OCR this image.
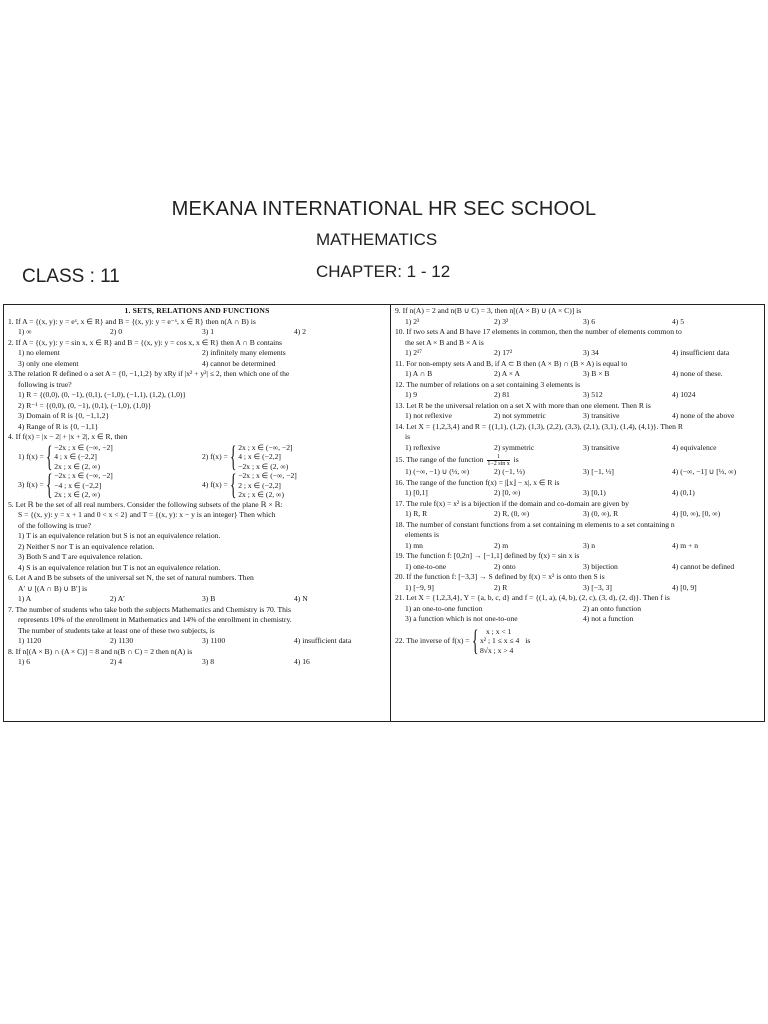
MEKANA INTERNATIONAL HR SEC SCHOOL
MATHEMATICS
CHAPTER: 1 - 12
CLASS : 11
1. SETS, RELATIONS AND FUNCTIONS
1. If A = {(x, y): y = eˣ, x ∈ R} and B = {(x, y): y = e⁻ˣ, x ∈ R} then n(A ∩ B) is
1) ∞	2) 0	3) 1	4) 2
2. If A = {(x, y): y = sin x, x ∈ R} and B = {(x, y): y = cos x, x ∈ R} then A ∩ B contains
1) no element	2) infinitely many elements
3) only one element	4) cannot be determined
3.The relation R defined o a set A = {0, −1,1,2} by xRy if |x² + y²| ≤ 2, then which one of the
following is true?
1) R = {(0,0), (0, −1), (0,1), (−1,0), (−1,1), (1,2), (1,0)}
2) R⁻¹ = {(0,0), (0, −1), (0,1), (−1,0), (1,0)}
3) Domain of R is {0, −1,1,2}
4) Range of R is {0, −1,1}
4. If f(x) = |x − 2| + |x + 2|, x ∈ R, then
1) f(x) = { −2x ; x ∈ (−∞, −2]
4 ; x ∈ (−2,2]
2x ; x ∈ (2, ∞)
2) f(x) = { 2x ; x ∈ (−∞, −2]
4 ; x ∈ (−2,2]
−2x ; x ∈ (2, ∞)
3) f(x) = { −2x ; x ∈ (−∞, −2]
−4 ; x ∈ (−2,2]
2x ; x ∈ (2, ∞)
4) f(x) = { −2x ; x ∈ (−∞, −2]
2 ; x ∈ (−2,2]
2x ; x ∈ (2, ∞)
5. Let ℝ be the set of all real numbers. Consider the following subsets of the plane ℝ × ℝ:
S = {(x, y): y = x + 1 and 0 < x < 2} and T = {(x, y): x − y is an integer} Then which
of the following is true?
1) T is an equivalence relation but S is not an equivalence relation.
2) Neither S nor T is an equivalence relation.
3) Both S and T are equivalence relation.
4) S is an equivalence relation but T is not an equivalence relation.
6. Let A and B be subsets of the universal set N, the set of natural numbers. Then
A′ ∪ [(A ∩ B) ∪ B′] is
1) A	2) A′	3) B	4) N
7. The number of students who take both the subjects Mathematics and Chemistry is 70. This
represents 10% of the enrollment in Mathematics and 14% of the enrollment in chemistry.
The number of students take at least one of these two subjects, is
1) 1120	2) 1130	3) 1100	4) insufficient data
8. If n[(A × B) ∩ (A × C)] = 8 and n(B ∩ C) = 2 then n(A) is
1) 6	2) 4	3) 8	4) 16
9. If n(A) = 2 and n(B ∪ C) = 3, then n[(A × B) ∪ (A × C)] is
1) 2³	2) 3²	3) 6	4) 5
10. If two sets A and B have 17 elements in common, then the number of elements common to
the set A × B and B × A is
1) 2¹⁷	2) 17²	3) 34	4) insufficient data
11. For non-empty sets A and B, if A ⊂ B then (A × B) ∩ (B × A) is equal to
1) A ∩ B	2) A × A	3) B × B	4) none of these.
12. The number of relations on a set containing 3 elements is
1) 9	2) 81	3) 512	4) 1024
13. Let R be the universal relation on a set X with more than one element. Then R is
1) not reflexive	2) not symmetric	3) transitive	4) none of the above
14. Let X = {1,2,3,4} and R = {(1,1), (1,2), (1,3), (2,2), (3,3), (2,1), (3,1), (1,4), (4,1)}. Then R
is
1) reflexive	2) symmetric	3) transitive	4) equivalence
15. The range of the function $\frac{1}{\text{1−2 sin x}}$ is
1) (−∞, −1) ∪ (⅓, ∞)	2) (−1, ⅓)	3) [−1, ⅓]	4) (−∞, −1] ∪ [⅓, ∞)
16. The range of the function f(x) = |⌊x⌋ − x|, x ∈ R is
1) [0,1]	2) [0, ∞)	3) [0,1)	4) (0,1)
17. The rule f(x) = x² is a bijection if the domain and co-domain are given by
1) R, R	2) R, (0, ∞)	3) (0, ∞), R	4) [0, ∞), [0, ∞)
18. The number of constant functions from a set containing m elements to a set containing n
elements is
1) mn	2) m	3) n	4) m + n
19. The function f: [0,2π] → [−1,1] defined by f(x) = sin x is
1) one-to-one	2) onto	3) bijection	4) cannot be defined
20. If the function f: [−3,3] → S defined by f(x) = x² is onto then S is
1) [−9, 9]	2) R	3) [−3, 3]	4) [0, 9]
21. Let X = {1,2,3,4}, Y = {a, b, c, d} and f = {(1, a), (4, b), (2, c), (3, d), (2, d)}. Then f is
1) an one-to-one function	2) an onto function
3) a function which is not one-to-one	4) not a function
22. The inverse of f(x) = {	x ; x < 1
x² ; 1 ≤ x ≤ 4
8√x ; x > 4
is
